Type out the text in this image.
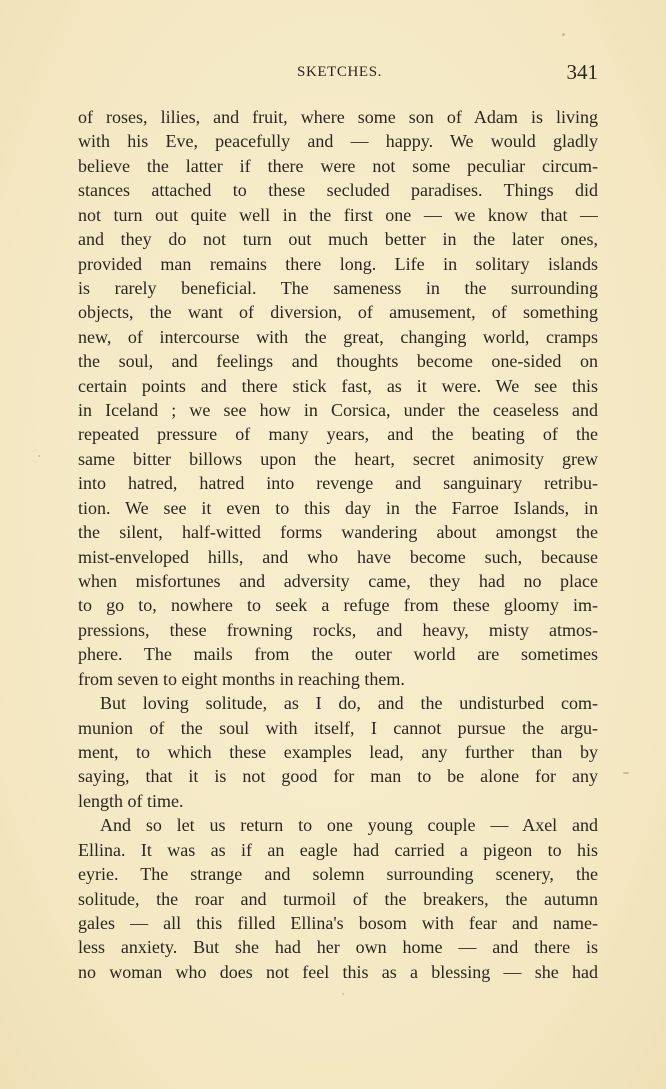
SKETCHES.	341
of roses, lilies, and fruit, where some son of Adam is living
with his Eve, peacefully and — happy. We would gladly
believe the latter if there were not some peculiar circum-
stances attached to these secluded paradises. Things did
not turn out quite well in the first one — we know that —
and they do not turn out much better in the later ones,
provided man remains there long. Life in solitary islands
is rarely beneficial. The sameness in the surrounding
objects, the want of diversion, of amusement, of something
new, of intercourse with the great, changing world, cramps
the soul, and feelings and thoughts become one-sided on
certain points and there stick fast, as it were. We see this
in Iceland ; we see how in Corsica, under the ceaseless and
repeated pressure of many years, and the beating of the
same bitter billows upon the heart, secret animosity grew
into hatred, hatred into revenge and sanguinary retribu-
tion. We see it even to this day in the Farroe Islands, in
the silent, half-witted forms wandering about amongst the
mist-enveloped hills, and who have become such, because
when misfortunes and adversity came, they had no place
to go to, nowhere to seek a refuge from these gloomy im-
pressions, these frowning rocks, and heavy, misty atmos-
phere. The mails from the outer world are sometimes
from seven to eight months in reaching them.
But loving solitude, as I do, and the undisturbed com-
munion of the soul with itself, I cannot pursue the argu-
ment, to which these examples lead, any further than by
saying, that it is not good for man to be alone for any
length of time.
And so let us return to one young couple — Axel and
Ellina. It was as if an eagle had carried a pigeon to his
eyrie. The strange and solemn surrounding scenery, the
solitude, the roar and turmoil of the breakers, the autumn
gales — all this filled Ellina's bosom with fear and name-
less anxiety. But she had her own home — and there is
no woman who does not feel this as a blessing — she had
